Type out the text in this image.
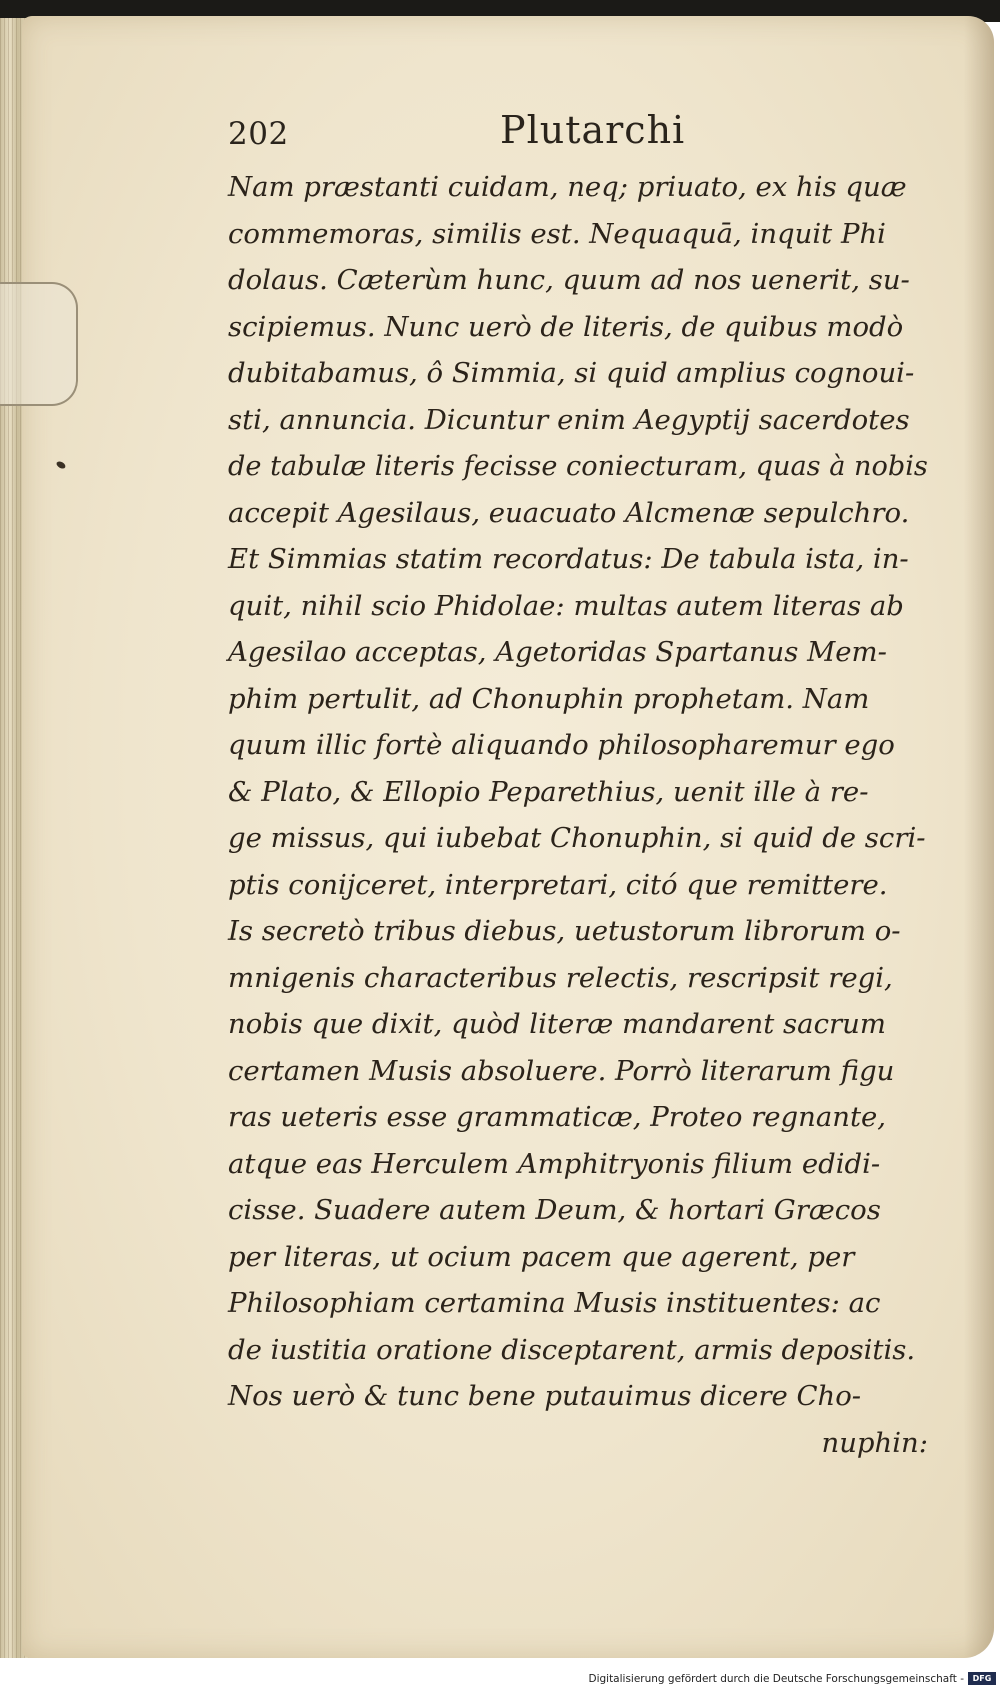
202	Plutarchi
Nam præstanti cuidam, neq; priuato, ex his quæ
commemoras, similis est. Nequaquā, inquit Phi
dolaus. Cæterùm hunc, quum ad nos uenerit, su-
scipiemus. Nunc uerò de literis, de quibus modò
dubitabamus, ô Simmia, si quid amplius cognoui-
sti, annuncia. Dicuntur enim Aegyptij sacerdotes
de tabulæ literis fecisse coniecturam, quas à nobis
accepit Agesilaus, euacuato Alcmenæ sepulchro.
Et Simmias statim recordatus: De tabula ista, in-
quit, nihil scio Phidolae: multas autem literas ab
Agesilao acceptas, Agetoridas Spartanus Mem-
phim pertulit, ad Chonuphin prophetam. Nam
quum illic fortè aliquando philosopharemur ego
& Plato, & Ellopio Peparethius, uenit ille à re-
ge missus, qui iubebat Chonuphin, si quid de scri-
ptis conijceret, interpretari, citó que remittere.
Is secretò tribus diebus, uetustorum librorum o-
mnigenis characteribus relectis, rescripsit regi,
nobis que dixit, quòd literæ mandarent sacrum
certamen Musis absoluere. Porrò literarum figu
ras ueteris esse grammaticæ, Proteo regnante,
atque eas Herculem Amphitryonis filium edidi-
cisse. Suadere autem Deum, & hortari Græcos
per literas, ut ocium pacem que agerent, per
Philosophiam certamina Musis instituentes: ac
de iustitia oratione disceptarent, armis depositis.
Nos uerò & tunc bene putauimus dicere Cho-
nuphin:
Digitalisierung gefördert durch die Deutsche Forschungsgemeinschaft -	DFG
